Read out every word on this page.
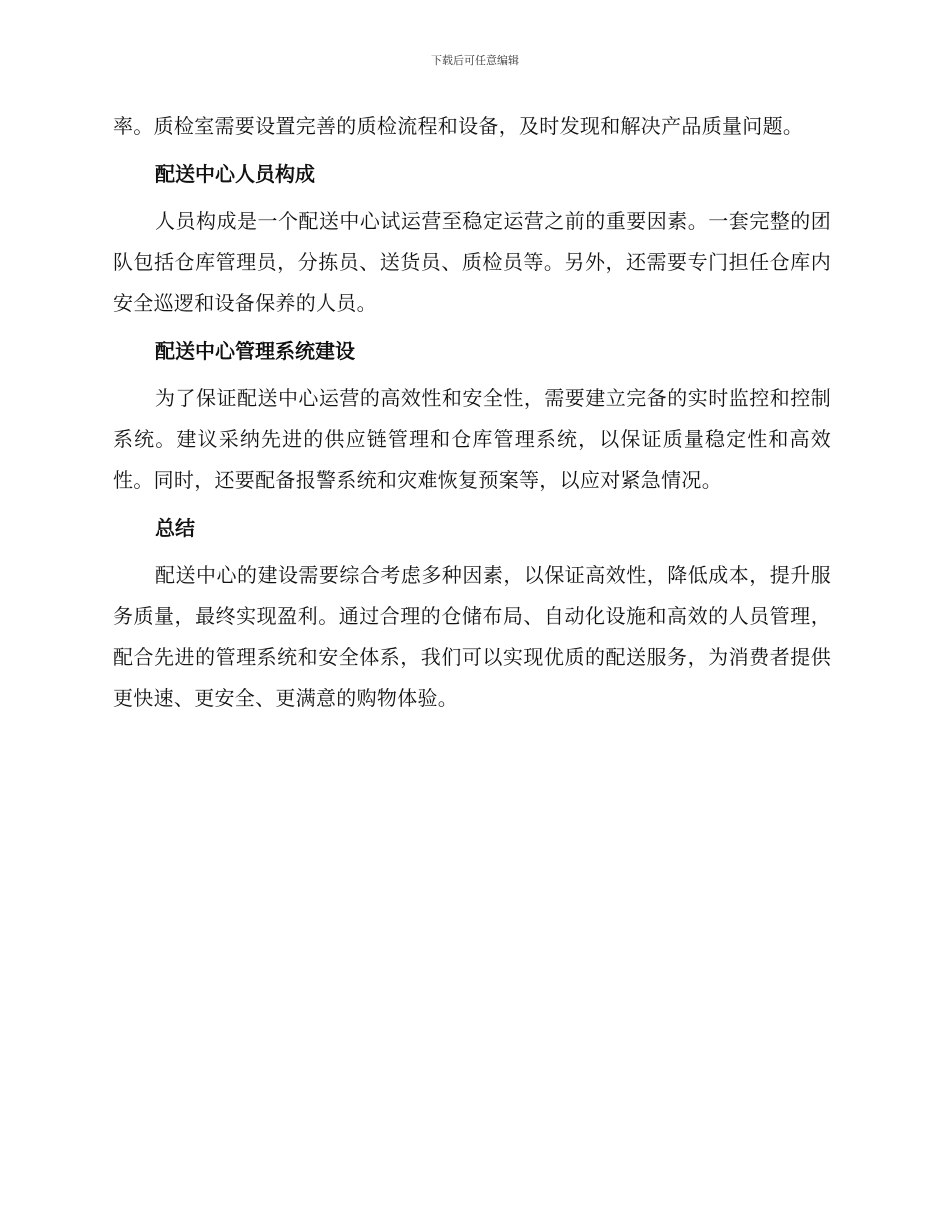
下载后可任意编辑

率。质检室需要设置完善的质检流程和设备，及时发现和解决产品质量问题。

配送中心人员构成

人员构成是一个配送中心试运营至稳定运营之前的重要因素。一套完整的团队包括仓库管理员，分拣员、送货员、质检员等。另外，还需要专门担任仓库内安全巡逻和设备保养的人员。

配送中心管理系统建设

为了保证配送中心运营的高效性和安全性，需要建立完备的实时监控和控制系统。建议采纳先进的供应链管理和仓库管理系统，以保证质量稳定性和高效性。同时，还要配备报警系统和灾难恢复预案等，以应对紧急情况。

总结

配送中心的建设需要综合考虑多种因素，以保证高效性，降低成本，提升服务质量，最终实现盈利。通过合理的仓储布局、自动化设施和高效的人员管理，配合先进的管理系统和安全体系，我们可以实现优质的配送服务，为消费者提供更快速、更安全、更满意的购物体验。
